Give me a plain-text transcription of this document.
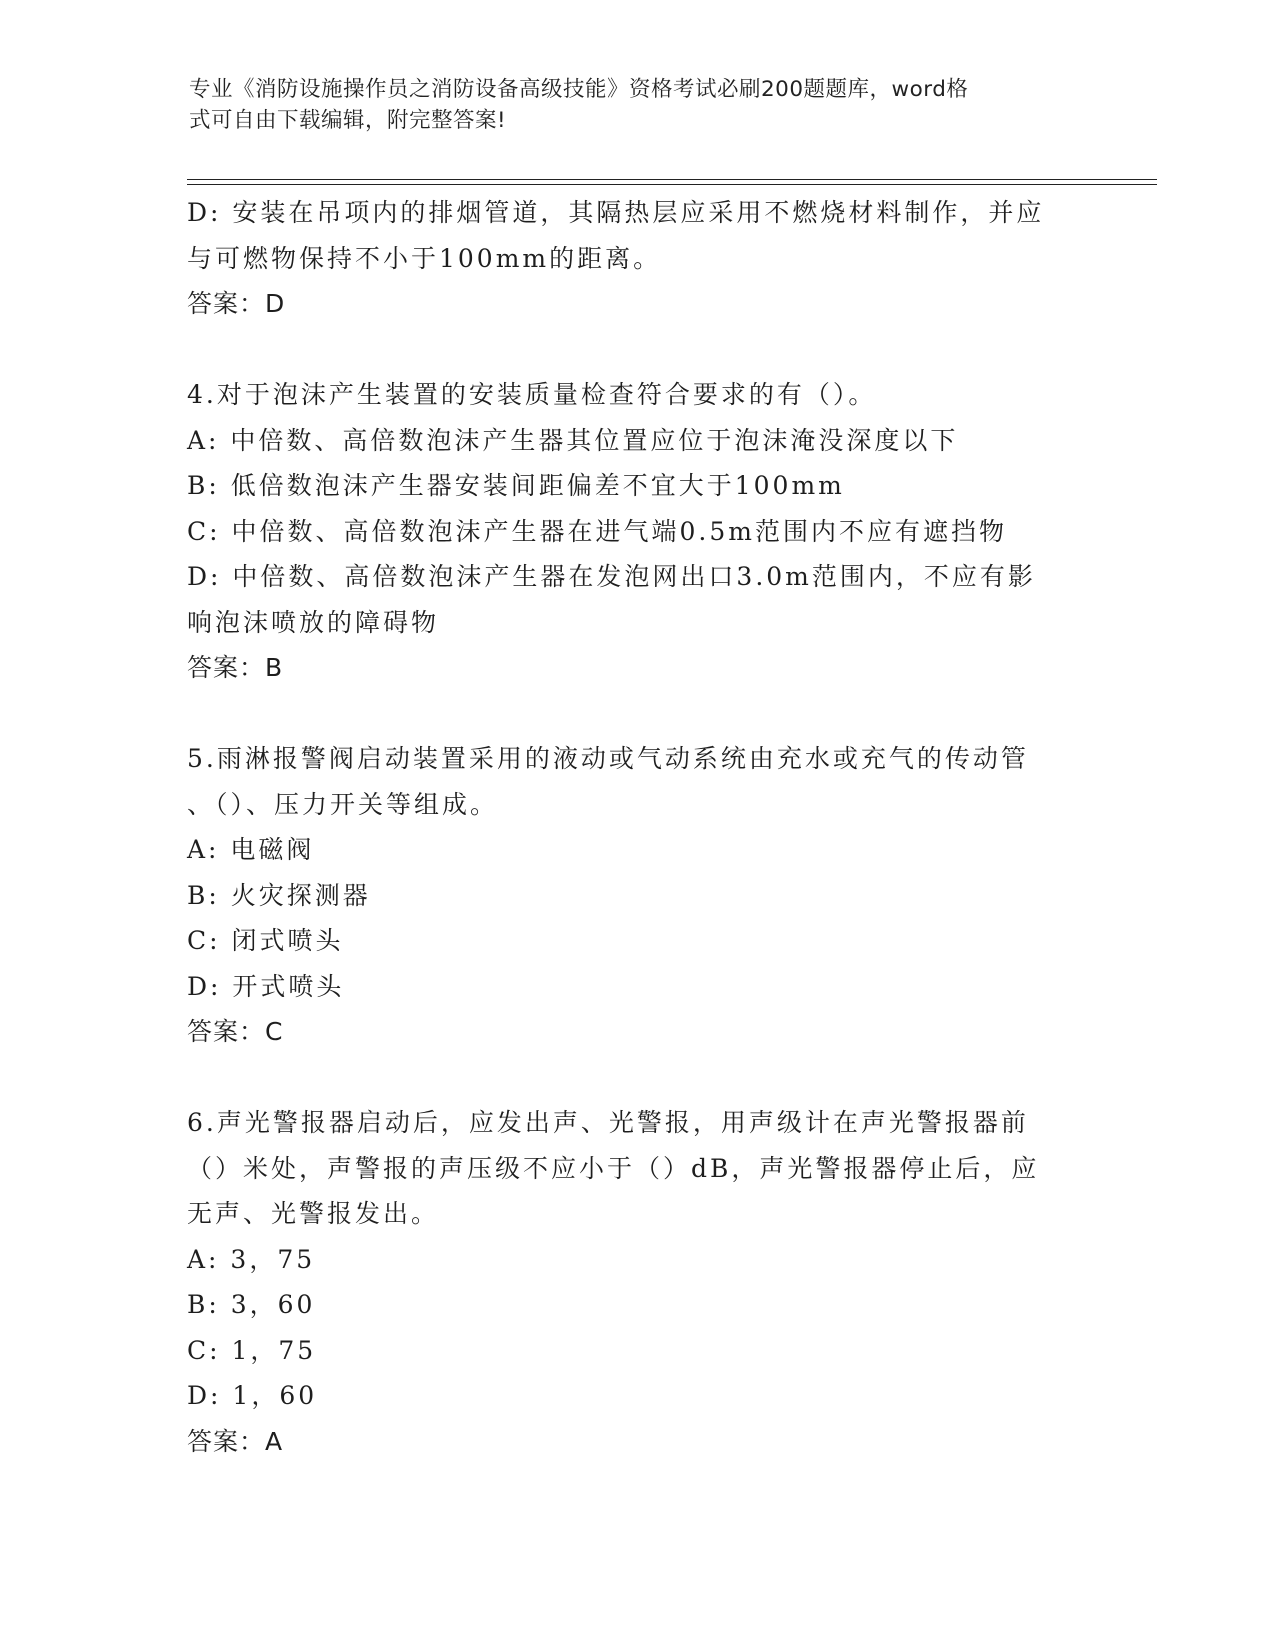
专业《消防设施操作员之消防设备高级技能》资格考试必刷200题题库，word格
式可自由下载编辑，附完整答案!

D: 安装在吊项内的排烟管道，其隔热层应采用不燃烧材料制作，并应

与可燃物保持不小于100mm的距离。

答案：D

4.对于泡沫产生装置的安装质量检查符合要求的有（）。

A: 中倍数、高倍数泡沫产生器其位置应位于泡沫淹没深度以下

B: 低倍数泡沫产生器安装间距偏差不宜大于100mm

C: 中倍数、高倍数泡沫产生器在进气端0.5m范围内不应有遮挡物

D: 中倍数、高倍数泡沫产生器在发泡网出口3.0m范围内，不应有影

响泡沫喷放的障碍物

答案：B

5.雨淋报警阀启动装置采用的液动或气动系统由充水或充气的传动管

、（）、压力开关等组成。

A: 电磁阀

B: 火灾探测器

C: 闭式喷头

D: 开式喷头

答案：C

6.声光警报器启动后，应发出声、光警报，用声级计在声光警报器前

（）米处，声警报的声压级不应小于（）dB，声光警报器停止后，应

无声、光警报发出。

A: 3，75

B: 3，60

C: 1，75

D: 1，60

答案：A
